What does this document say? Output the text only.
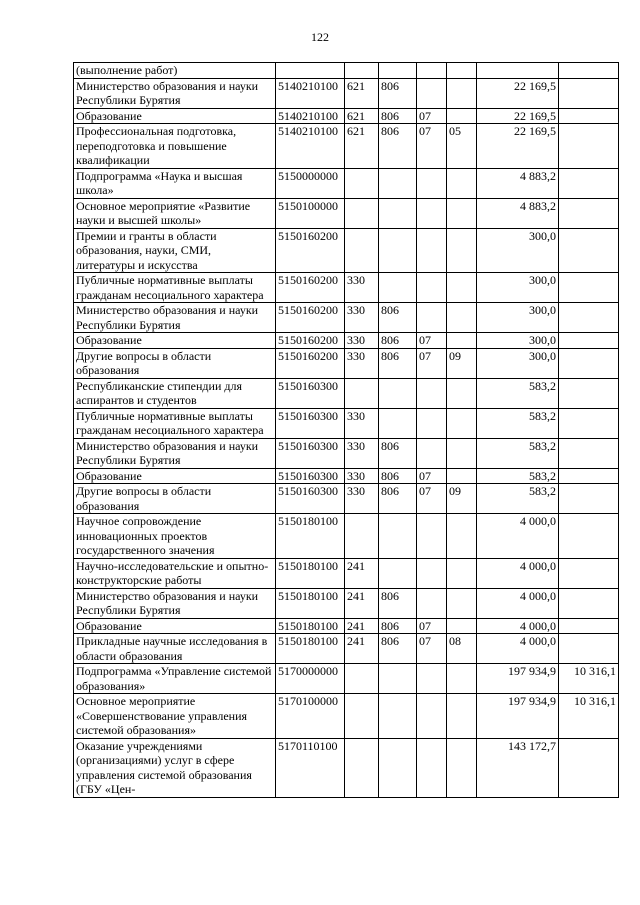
122
(выполнение работ)							
Министерство образования и науки Республики Бурятия	5140210100	621	806			22 169,5	
Образование	5140210100	621	806	07		22 169,5	
Профессиональная подготовка, переподготовка и повышение квалификации	5140210100	621	806	07	05	22 169,5	
Подпрограмма «Наука и высшая школа»	5150000000					4 883,2	
Основное мероприятие «Развитие науки и высшей школы»	5150100000					4 883,2	
Премии и гранты в области образования, науки, СМИ, литературы и искусства	5150160200					300,0	
Публичные нормативные выплаты гражданам несоциального характера	5150160200	330				300,0	
Министерство образования и науки Республики Бурятия	5150160200	330	806			300,0	
Образование	5150160200	330	806	07		300,0	
Другие вопросы в области образования	5150160200	330	806	07	09	300,0	
Республиканские стипендии для аспирантов и студентов	5150160300					583,2	
Публичные нормативные выплаты гражданам несоциального характера	5150160300	330				583,2	
Министерство образования и науки Республики Бурятия	5150160300	330	806			583,2	
Образование	5150160300	330	806	07		583,2	
Другие вопросы в области образования	5150160300	330	806	07	09	583,2	
Научное сопровождение инновационных проектов государственного значения	5150180100					4 000,0	
Научно-исследовательские и опытно-конструкторские работы	5150180100	241				4 000,0	
Министерство образования и науки Республики Бурятия	5150180100	241	806			4 000,0	
Образование	5150180100	241	806	07		4 000,0	
Прикладные научные исследования в области образования	5150180100	241	806	07	08	4 000,0	
Подпрограмма «Управление системой образования»	5170000000					197 934,9	10 316,1
Основное мероприятие «Совершенствование управления системой образования»	5170100000					197 934,9	10 316,1
Оказание учреждениями (организациями) услуг в сфере управления системой образования (ГБУ «Цен-	5170110100					143 172,7	
